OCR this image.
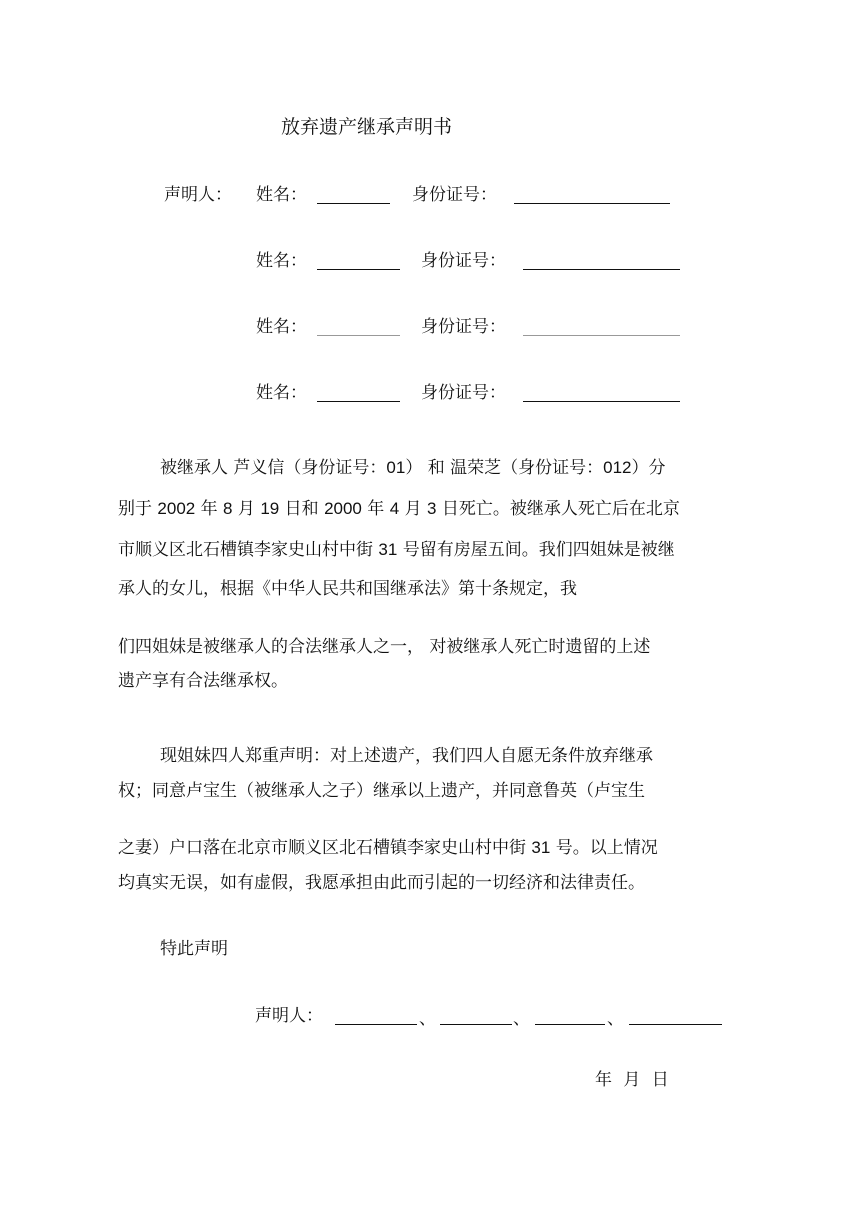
放弃遗产继承声明书
声明人： 姓名：	身份证号：
姓名：	身份证号：
姓名：	身份证号：
姓名：	身份证号：
被继承人 芦义信（身份证号：01） 和 温荣芝（身份证号：012）分
别于 2002 年 8 月 19 日和 2000 年 4 月 3 日死亡。被继承人死亡后在北京
市顺义区北石槽镇李家史山村中街 31 号留有房屋五间。我们四姐妹是被继
承人的女儿，根据《中华人民共和国继承法》第十条规定，我
们四姐妹是被继承人的合法继承人之一， 对被继承人死亡时遗留的上述
遗产享有合法继承权。
现姐妹四人郑重声明：对上述遗产，我们四人自愿无条件放弃继承
权；同意卢宝生（被继承人之子）继承以上遗产，并同意鲁英（卢宝生
之妻）户口落在北京市顺义区北石槽镇李家史山村中街 31 号。以上情况
均真实无误，如有虚假，我愿承担由此而引起的一切经济和法律责任。
特此声明
声明人：	、	、	、
年 月 日
